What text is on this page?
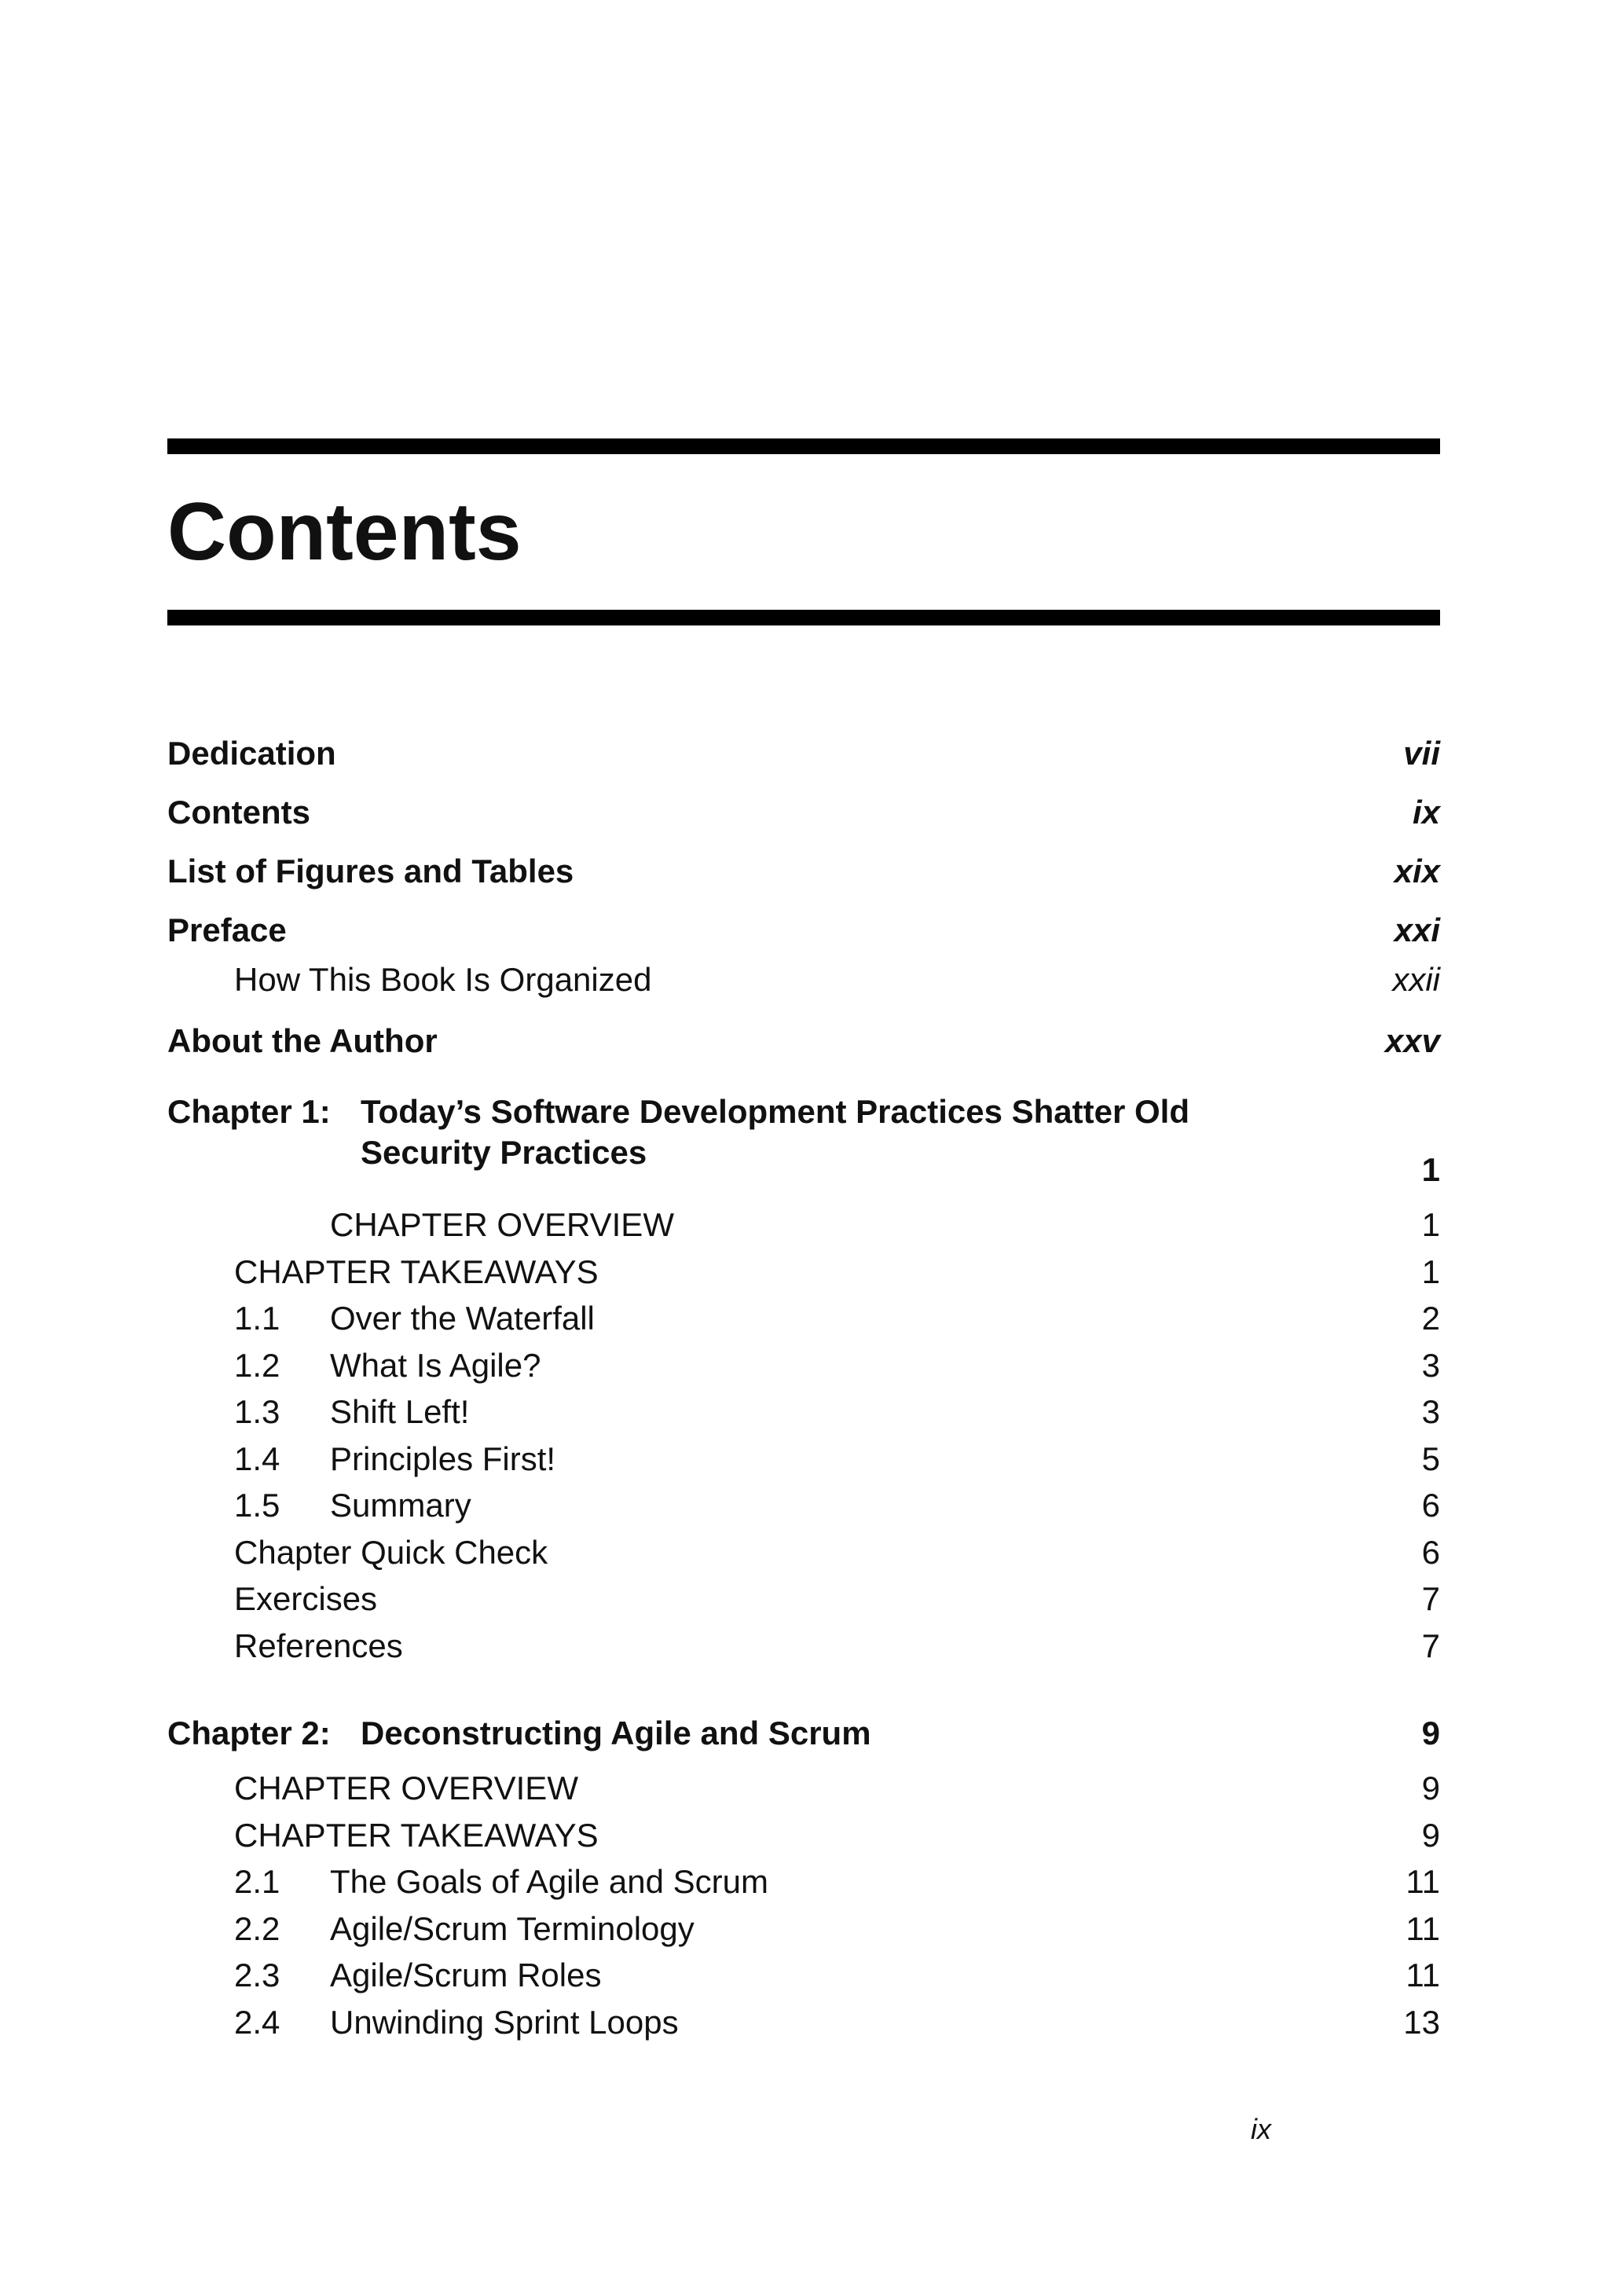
Contents
Dedication	vii
Contents	ix
List of Figures and Tables	xix
Preface	xxi
How This Book Is Organized	xxii
About the Author	xxv
Chapter 1: Today’s Software Development Practices Shatter Old Security Practices	1
CHAPTER OVERVIEW	1
CHAPTER TAKEAWAYS	1
1.1 Over the Waterfall	2
1.2 What Is Agile?	3
1.3 Shift Left!	3
1.4 Principles First!	5
1.5 Summary	6
Chapter Quick Check	6
Exercises	7
References	7
Chapter 2: Deconstructing Agile and Scrum	9
CHAPTER OVERVIEW	9
CHAPTER TAKEAWAYS	9
2.1 The Goals of Agile and Scrum	11
2.2 Agile/Scrum Terminology	11
2.3 Agile/Scrum Roles	11
2.4 Unwinding Sprint Loops	13
ix
